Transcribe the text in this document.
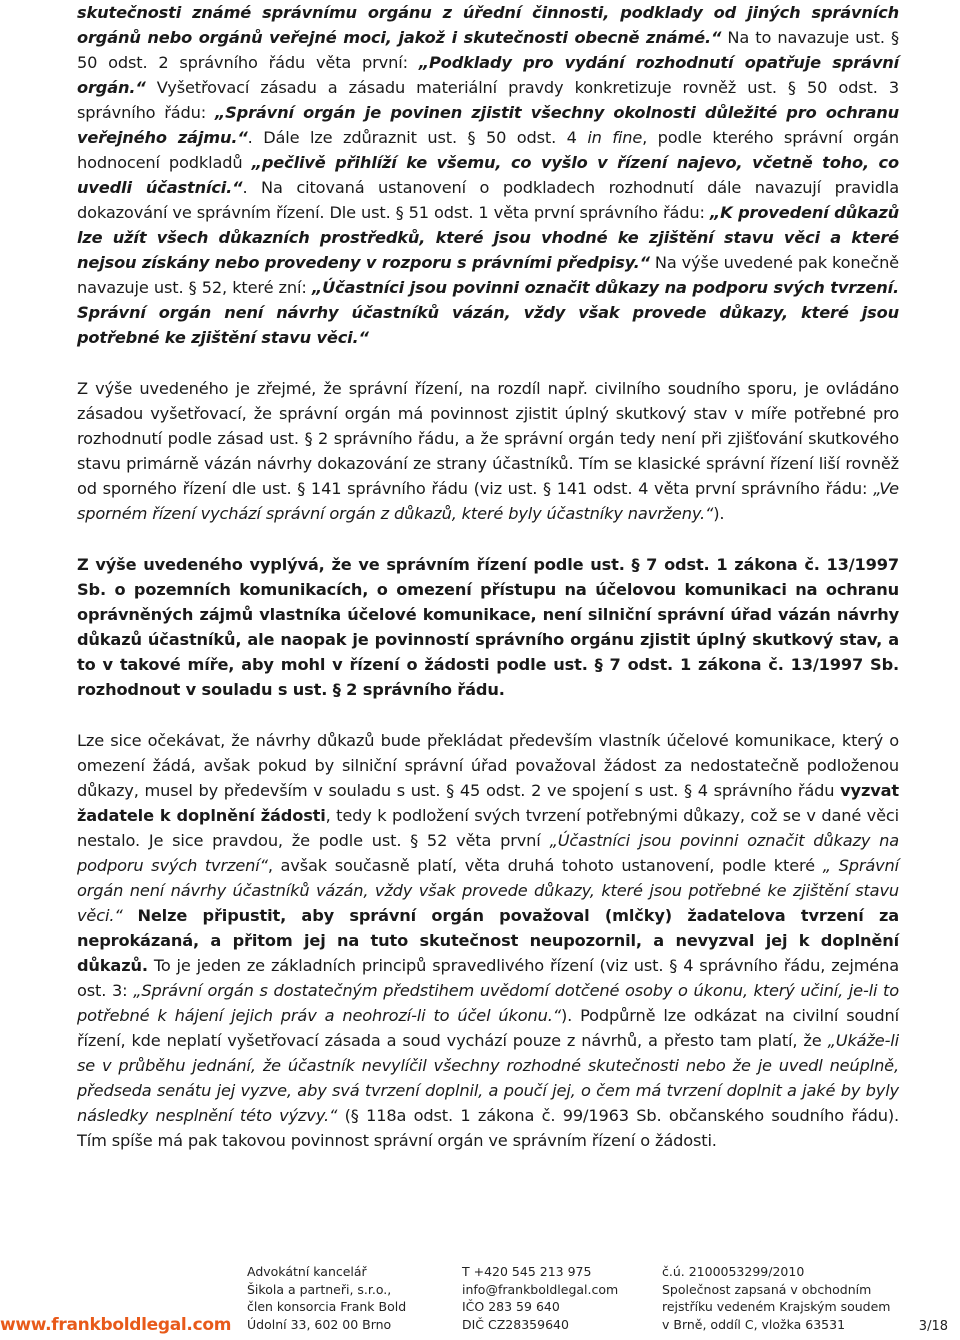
skutečnosti známé správnímu orgánu z úřední činnosti, podklady od jiných správních orgánů nebo orgánů veřejné moci, jakož i skutečnosti obecně známé.“ Na to navazuje ust. § 50 odst. 2 správního řádu věta první: „Podklady pro vydání rozhodnutí opatřuje správní orgán.“ Vyšetřovací zásadu a zásadu materiální pravdy konkretizuje rovněž ust. § 50 odst. 3 správního řádu: „Správní orgán je povinen zjistit všechny okolnosti důležité pro ochranu veřejného zájmu.“. Dále lze zdůraznit ust. § 50 odst. 4 in fine, podle kterého správní orgán hodnocení podkladů „pečlivě přihlíží ke všemu, co vyšlo v řízení najevo, včetně toho, co uvedli účastníci.“. Na citovaná ustanovení o podkladech rozhodnutí dále navazují pravidla dokazování ve správním řízení. Dle ust. § 51 odst. 1 věta první správního řádu: „K provedení důkazů lze užít všech důkazních prostředků, které jsou vhodné ke zjištění stavu věci a které nejsou získány nebo provedeny v rozporu s právními předpisy.“ Na výše uvedené pak konečně navazuje ust. § 52, které zní: „Účastníci jsou povinni označit důkazy na podporu svých tvrzení. Správní orgán není návrhy účastníků vázán, vždy však provede důkazy, které jsou potřebné ke zjištění stavu věci.“

Z výše uvedeného je zřejmé, že správní řízení, na rozdíl např. civilního soudního sporu, je ovládáno zásadou vyšetřovací, že správní orgán má povinnost zjistit úplný skutkový stav v míře potřebné pro rozhodnutí podle zásad ust. § 2 správního řádu, a že správní orgán tedy není při zjišťování skutkového stavu primárně vázán návrhy dokazování ze strany účastníků. Tím se klasické správní řízení liší rovněž od sporného řízení dle ust. § 141 správního řádu (viz ust. § 141 odst. 4 věta první správního řádu: „Ve sporném řízení vychází správní orgán z důkazů, které byly účastníky navrženy.“).

Z výše uvedeného vyplývá, že ve správním řízení podle ust. § 7 odst. 1 zákona č. 13/1997 Sb. o pozemních komunikacích, o omezení přístupu na účelovou komunikaci na ochranu oprávněných zájmů vlastníka účelové komunikace, není silniční správní úřad vázán návrhy důkazů účastníků, ale naopak je povinností správního orgánu zjistit úplný skutkový stav, a to v takové míře, aby mohl v řízení o žádosti podle ust. § 7 odst. 1 zákona č. 13/1997 Sb. rozhodnout v souladu s ust. § 2 správního řádu.

Lze sice očekávat, že návrhy důkazů bude překládat především vlastník účelové komunikace, který o omezení žádá, avšak pokud by silniční správní úřad považoval žádost za nedostatečně podloženou důkazy, musel by především v souladu s ust. § 45 odst. 2 ve spojení s ust. § 4 správního řádu vyzvat žadatele k doplnění žádosti, tedy k podložení svých tvrzení potřebnými důkazy, což se v dané věci nestalo. Je sice pravdou, že podle ust. § 52 věta první „Účastníci jsou povinni označit důkazy na podporu svých tvrzení“, avšak současně platí, věta druhá tohoto ustanovení, podle které „ Správní orgán není návrhy účastníků vázán, vždy však provede důkazy, které jsou potřebné ke zjištění stavu věci.“ Nelze připustit, aby správní orgán považoval (mlčky) žadatelova tvrzení za neprokázaná, a přitom jej na tuto skutečnost neupozornil, a nevyzval jej k doplnění důkazů. To je jeden ze základních principů spravedlivého řízení (viz ust. § 4 správního řádu, zejména ost. 3: „Správní orgán s dostatečným předstihem uvědomí dotčené osoby o úkonu, který učiní, je-li to potřebné k hájení jejich práv a neohrozí-li to účel úkonu.“). Podpůrně lze odkázat na civilní soudní řízení, kde neplatí vyšetřovací zásada a soud vychází pouze z návrhů, a přesto tam platí, že „Ukáže-li se v průběhu jednání, že účastník nevylíčil všechny rozhodné skutečnosti nebo že je uvedl neúplně, předseda senátu jej vyzve, aby svá tvrzení doplnil, a poučí jej, o čem má tvrzení doplnit a jaké by byly následky nesplnění této výzvy.“ (§ 118a odst. 1 zákona č. 99/1963 Sb. občanského soudního řádu). Tím spíše má pak takovou povinnost správní orgán ve správním řízení o žádosti.

www.frankboldlegal.com
Advokátní kancelář
Šikola a partneři, s.r.o.,
člen konsorcia Frank Bold
Údolní 33, 602 00 Brno
T +420 545 213 975
info@frankboldlegal.com
IČO 283 59 640
DIČ CZ28359640
č.ú. 2100053299/2010
Společnost zapsaná v obchodním
rejstříku vedeném Krajským soudem
v Brně, oddíl C, vložka 63531	3/18
